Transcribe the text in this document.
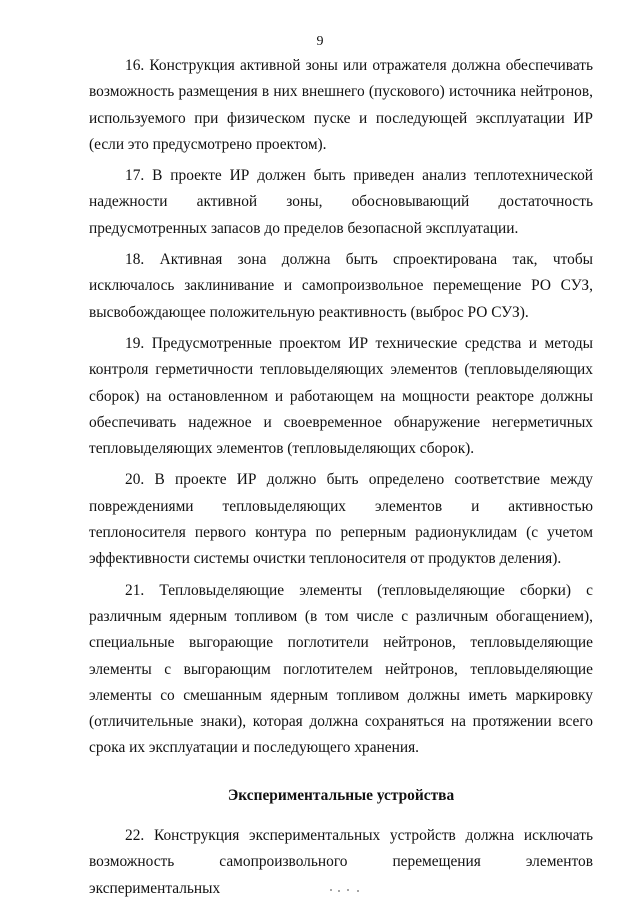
9

16. Конструкция активной зоны или отражателя должна обеспечивать возможность размещения в них внешнего (пускового) источника нейтронов, используемого при физическом пуске и последующей эксплуатации ИР (если это предусмотрено проектом).

17. В проекте ИР должен быть приведен анализ теплотехнической надежности активной зоны, обосновывающий достаточность предусмотренных запасов до пределов безопасной эксплуатации.

18. Активная зона должна быть спроектирована так, чтобы исключалось заклинивание и самопроизвольное перемещение РО СУЗ, высвобождающее положительную реактивность (выброс РО СУЗ).

19. Предусмотренные проектом ИР технические средства и методы контроля герметичности тепловыделяющих элементов (тепловыделяющих сборок) на остановленном и работающем на мощности реакторе должны обеспечивать надежное и своевременное обнаружение негерметичных тепловыделяющих элементов (тепловыделяющих сборок).

20. В проекте ИР должно быть определено соответствие между повреждениями тепловыделяющих элементов и активностью теплоносителя первого контура по реперным радионуклидам (с учетом эффективности системы очистки теплоносителя от продуктов деления).

21. Тепловыделяющие элементы (тепловыделяющие сборки) с различным ядерным топливом (в том числе с различным обогащением), специальные выгорающие поглотители нейтронов, тепловыделяющие элементы с выгорающим поглотителем нейтронов, тепловыделяющие элементы со смешанным ядерным топливом должны иметь маркировку (отличительные знаки), которая должна сохраняться на протяжении всего срока их эксплуатации и последующего хранения.

Экспериментальные устройства

22. Конструкция экспериментальных устройств должна исключать возможность самопроизвольного перемещения элементов экспериментальных
